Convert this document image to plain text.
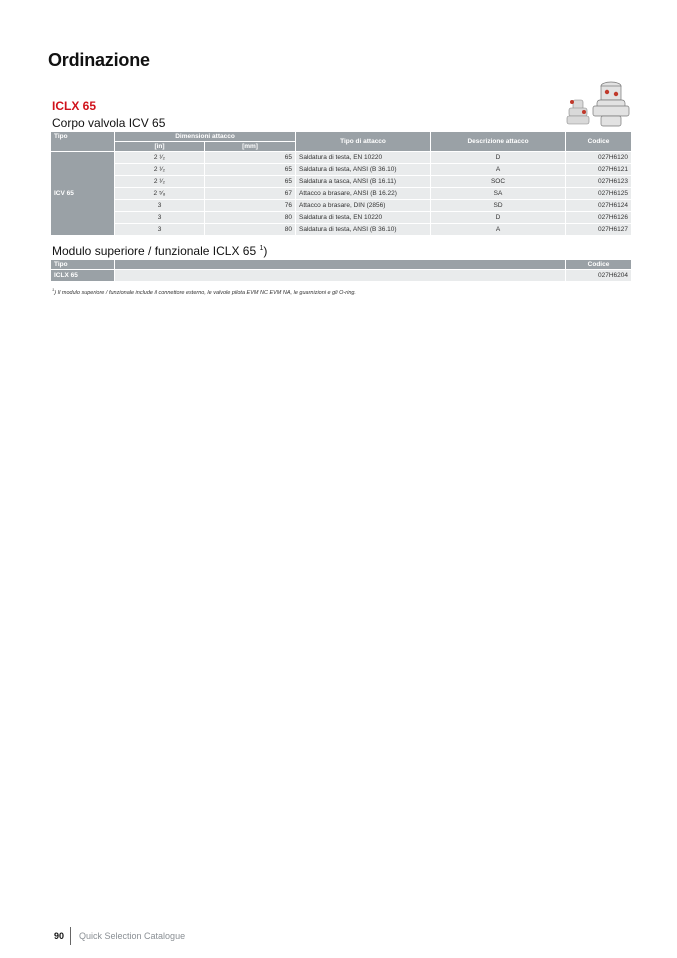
Ordinazione
ICLX 65
Corpo valvola ICV 65
Tipo	Dimensioni attacco		Tipo di attacco	Descrizione attacco	Codice
	[in]	[mm]			
ICV 65	2 ¹⁄₂	65	Saldatura di testa, EN 10220	D	027H6120
	2 ¹⁄₂	65	Saldatura di testa, ANSI (B 36.10)	A	027H6121
	2 ¹⁄₂	65	Saldatura a tasca, ANSI (B 16.11)	SOC	027H6123
	2 ⁵⁄₈	67	Attacco a brasare, ANSI (B 16.22)	SA	027H6125
	3	76	Attacco a brasare, DIN (2856)	SD	027H6124
	3	80	Saldatura di testa, EN 10220	D	027H6126
	3	80	Saldatura di testa, ANSI (B 36.10)	A	027H6127
Modulo superiore / funzionale ICLX 65 $^1$)
Tipo		Codice
ICLX 65		027H6204
$^1$) Il modulo superiore / funzionale include il connettore esterno, le valvole pilota EVM NC EVM NA, le guarnizioni e gli O-ring.
90 Quick Selection Catalogue
